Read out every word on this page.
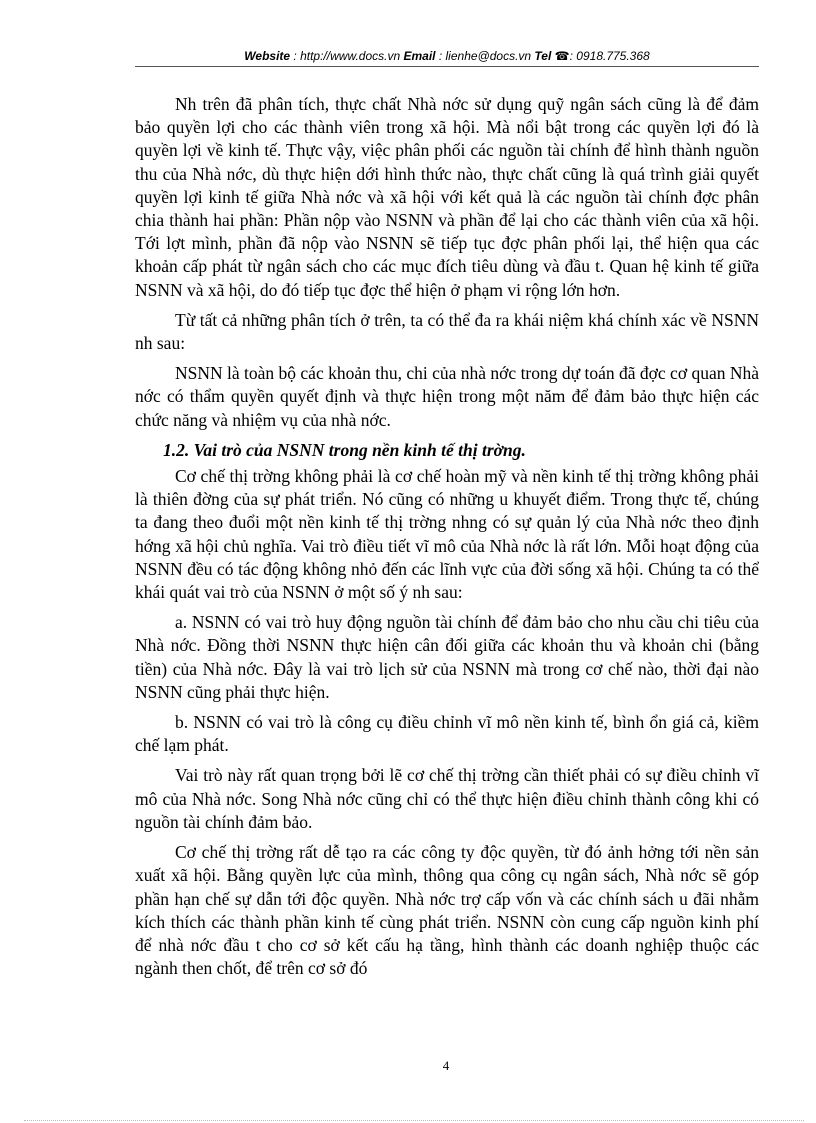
Website : http://www.docs.vn Email : lienhe@docs.vn Tel ☎: 0918.775.368

Nh trên đã phân tích, thực chất Nhà nớc sử dụng quỹ ngân sách cũng là để đảm bảo quyền lợi cho các thành viên trong xã hội. Mà nổi bật trong các quyền lợi đó là quyền lợi về kinh tế. Thực vậy, việc phân phối các nguồn tài chính để hình thành nguồn thu của Nhà nớc, dù thực hiện dới hình thức nào, thực chất cũng là quá trình giải quyết quyền lợi kinh tế giữa Nhà nớc và xã hội với kết quả là các nguồn tài chính đợc phân chia thành hai phần: Phần nộp vào NSNN và phần để lại cho các thành viên của xã hội. Tới lợt mình, phần đã nộp vào NSNN sẽ tiếp tục đợc phân phối lại, thể hiện qua các khoản cấp phát từ ngân sách cho các mục đích tiêu dùng và đầu t. Quan hệ kinh tế giữa NSNN và xã hội, do đó tiếp tục đợc thể hiện ở phạm vi rộng lớn hơn.

Từ tất cả những phân tích ở trên, ta có thể đa ra khái niệm khá chính xác về NSNN nh sau:

NSNN là toàn bộ các khoản thu, chi của nhà nớc trong dự toán đã đợc cơ quan Nhà nớc có thẩm quyền quyết định và thực hiện trong một năm để đảm bảo thực hiện các chức năng và nhiệm vụ của nhà nớc.

1.2. Vai trò của NSNN trong nền kinh tế thị trờng.

Cơ chế thị trờng không phải là cơ chế hoàn mỹ và nền kinh tế thị trờng không phải là thiên đờng của sự phát triển. Nó cũng có những u khuyết điểm. Trong thực tế, chúng ta đang theo đuổi một nền kinh tế thị trờng nhng có sự quản lý của Nhà nớc theo định hớng xã hội chủ nghĩa. Vai trò điều tiết vĩ mô của Nhà nớc là rất lớn. Mỗi hoạt động của NSNN đều có tác động không nhỏ đến các lĩnh vực của đời sống xã hội. Chúng ta có thể khái quát vai trò của NSNN ở một số ý nh sau:

a. NSNN có vai trò huy động nguồn tài chính để đảm bảo cho nhu cầu chi tiêu của Nhà nớc. Đồng thời NSNN thực hiện cân đối giữa các khoản thu và khoản chi (bằng tiền) của Nhà nớc. Đây là vai trò lịch sử của NSNN mà trong cơ chế nào, thời đại nào NSNN cũng phải thực hiện.

b. NSNN có vai trò là công cụ điều chỉnh vĩ mô nền kinh tế, bình ổn giá cả, kiềm chế lạm phát.

Vai trò này rất quan trọng bởi lẽ cơ chế thị trờng cần thiết phải có sự điều chỉnh vĩ mô của Nhà nớc. Song Nhà nớc cũng chỉ có thể thực hiện điều chỉnh thành công khi có nguồn tài chính đảm bảo.

Cơ chế thị trờng rất dễ tạo ra các công ty độc quyền, từ đó ảnh hởng tới nền sản xuất xã hội. Bằng quyền lực của mình, thông qua công cụ ngân sách, Nhà nớc sẽ góp phần hạn chế sự dẫn tới độc quyền. Nhà nớc trợ cấp vốn và các chính sách u đãi nhằm kích thích các thành phần kinh tế cùng phát triển. NSNN còn cung cấp nguồn kinh phí để nhà nớc đầu t cho cơ sở kết cấu hạ tầng, hình thành các doanh nghiệp thuộc các ngành then chốt, để trên cơ sở đó

4
